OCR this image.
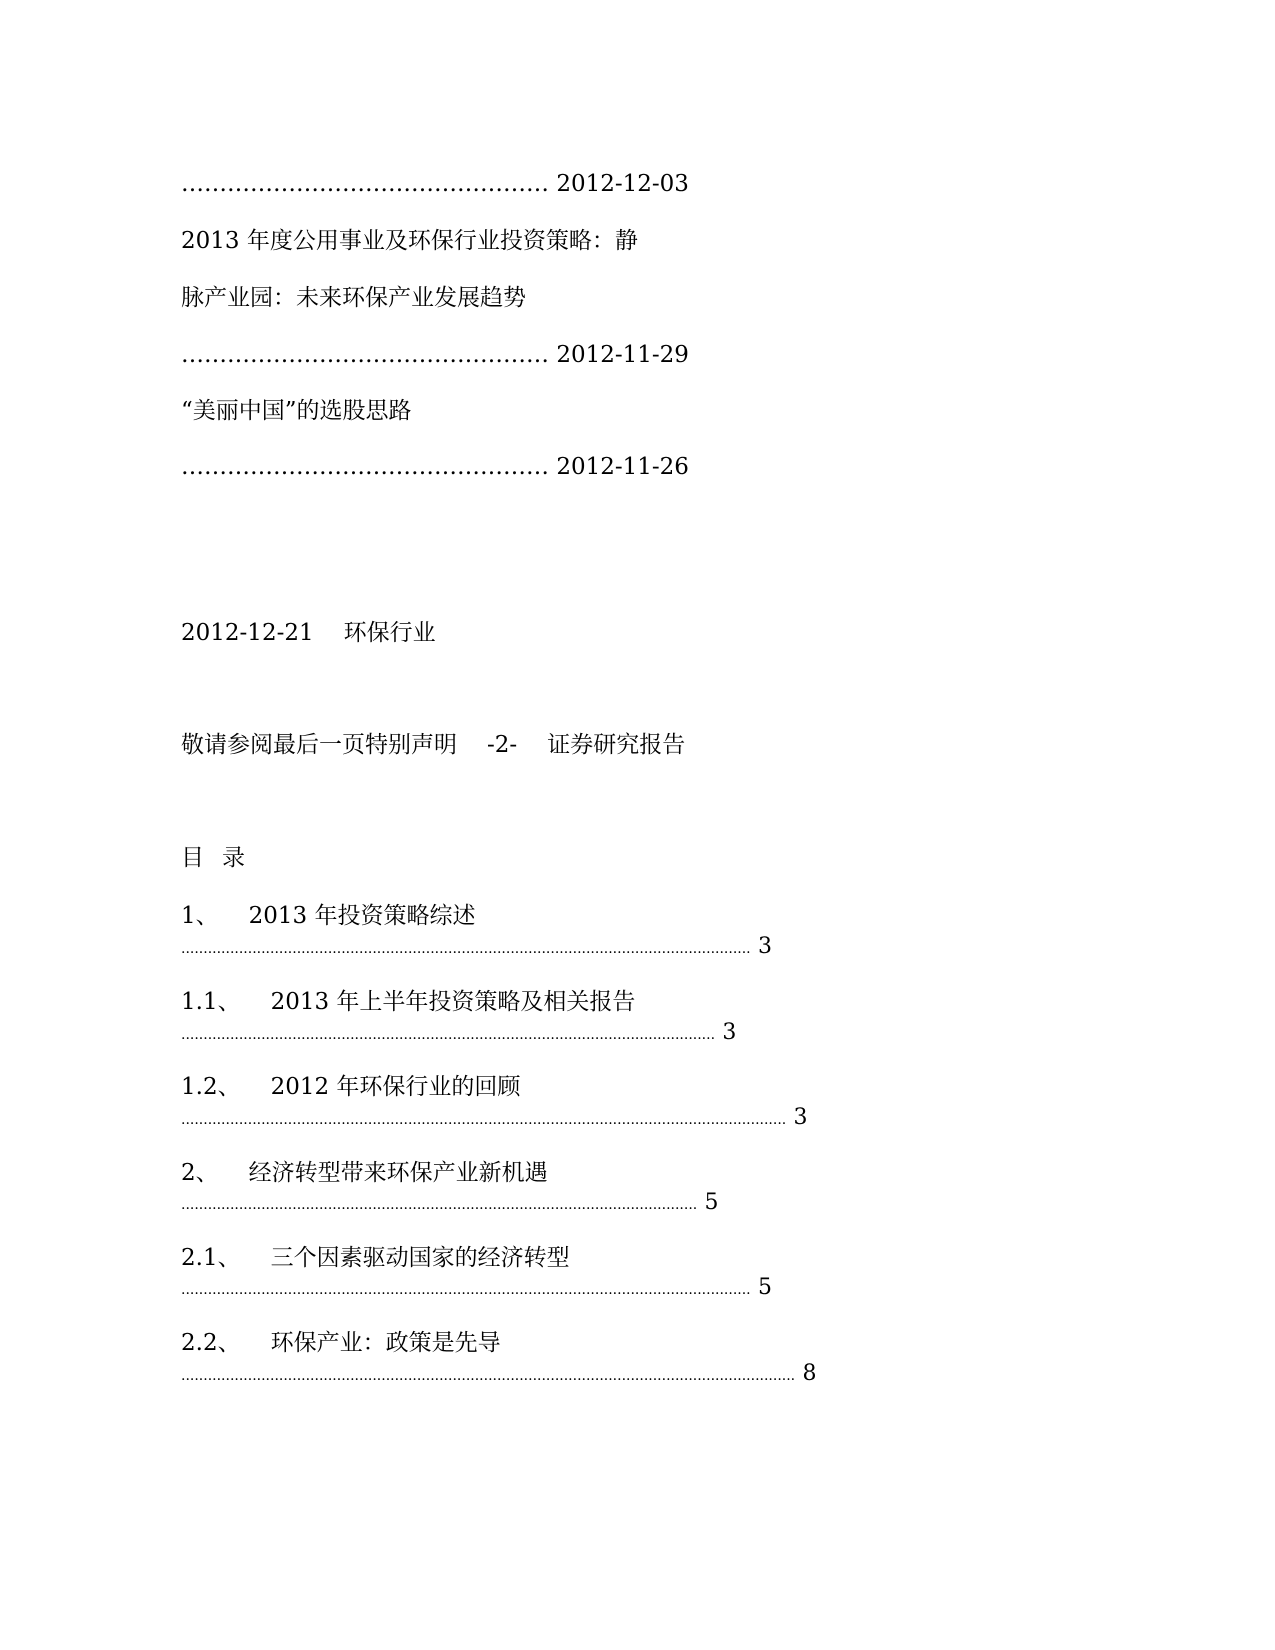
………………………………………… 2012-12-03
2013 年度公用事业及环保行业投资策略：静
脉产业园：未来环保产业发展趋势
………………………………………… 2012-11-29
“美丽中国”的选股思路
………………………………………… 2012-11-26
2012-12-21 环保行业
敬请参阅最后一页特别声明 -2- 证券研究报告
目 录
1、 2013 年投资策略综述
................................................................................................................................ 3
1.1、 2013 年上半年投资策略及相关报告
........................................................................................................................ 3
1.2、 2012 年环保行业的回顾
........................................................................................................................................ 3
2、 经济转型带来环保产业新机遇
.................................................................................................................... 5
2.1、 三个因素驱动国家的经济转型
................................................................................................................................ 5
2.2、 环保产业：政策是先导
.......................................................................................................................................... 8
